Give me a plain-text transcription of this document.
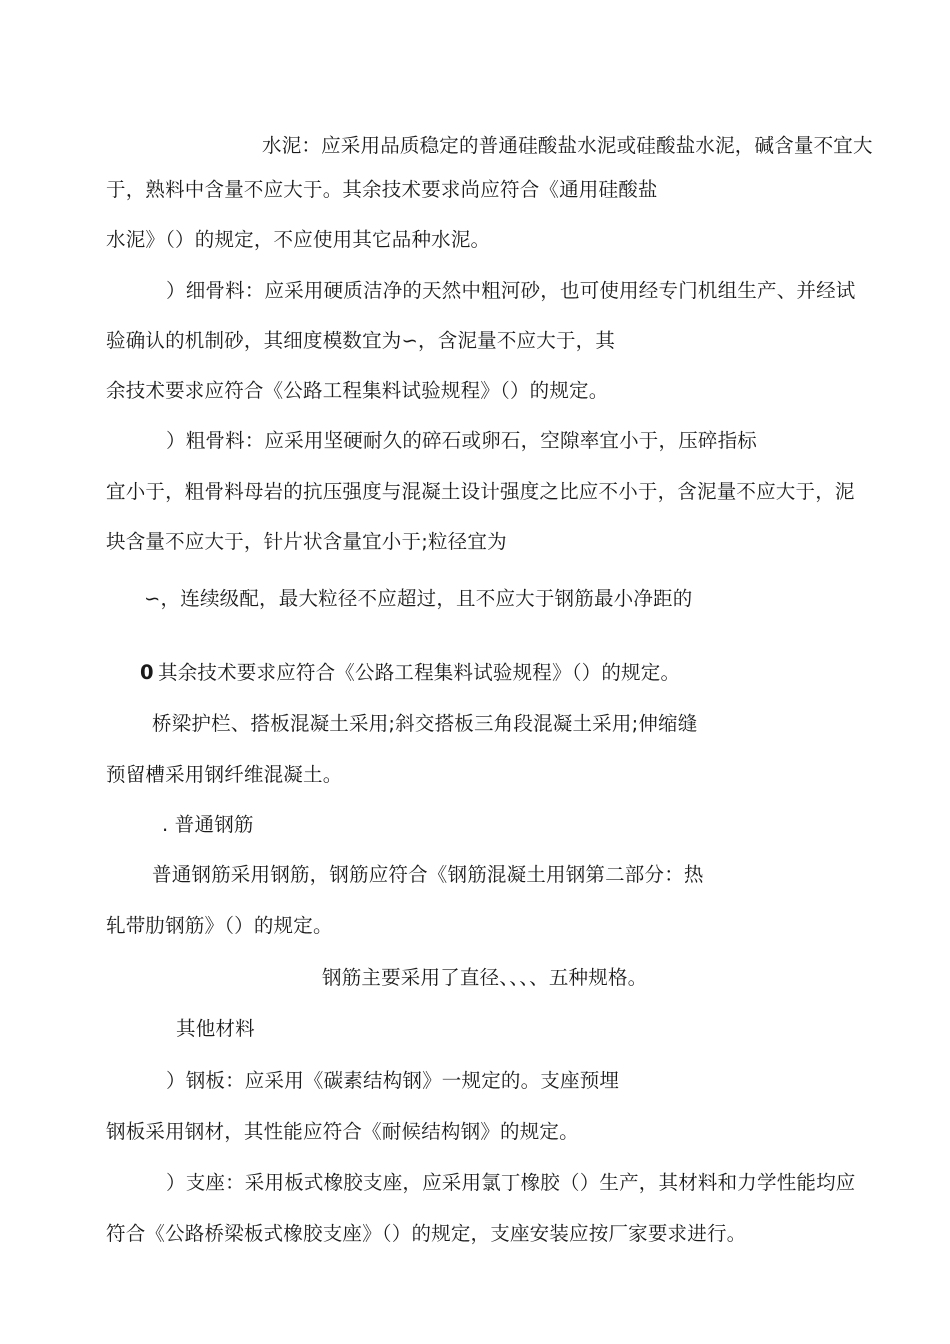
水泥：应采用品质稳定的普通硅酸盐水泥或硅酸盐水泥，碱含量不宜大
于，熟料中含量不应大于。其余技术要求尚应符合《通用硅酸盐
水泥》（）的规定，不应使用其它品种水泥。
）细骨料：应采用硬质洁净的天然中粗河砂，也可使用经专门机组生产、并经试
验确认的机制砂，其细度模数宜为∽，含泥量不应大于，其
余技术要求应符合《公路工程集料试验规程》（）的规定。
）粗骨料：应采用坚硬耐久的碎石或卵石，空隙率宜小于，压碎指标
宜小于，粗骨料母岩的抗压强度与混凝土设计强度之比应不小于，含泥量不应大于，泥
块含量不应大于，针片状含量宜小于;粒径宜为
∽，连续级配，最大粒径不应超过，且不应大于钢筋最小净距的
0 其余技术要求应符合《公路工程集料试验规程》（）的规定。
桥梁护栏、搭板混凝土采用;斜交搭板三角段混凝土采用;伸缩缝
预留槽采用钢纤维混凝土。
. 普通钢筋
普通钢筋采用钢筋，钢筋应符合《钢筋混凝土用钢第二部分：热
轧带肋钢筋》（）的规定。
钢筋主要采用了直径、、、、五种规格。
其他材料
）钢板：应采用《碳素结构钢》一规定的。支座预埋
钢板采用钢材，其性能应符合《耐候结构钢》的规定。
）支座：采用板式橡胶支座，应采用氯丁橡胶（）生产，其材料和力学性能均应
符合《公路桥梁板式橡胶支座》（）的规定，支座安装应按厂家要求进行。
